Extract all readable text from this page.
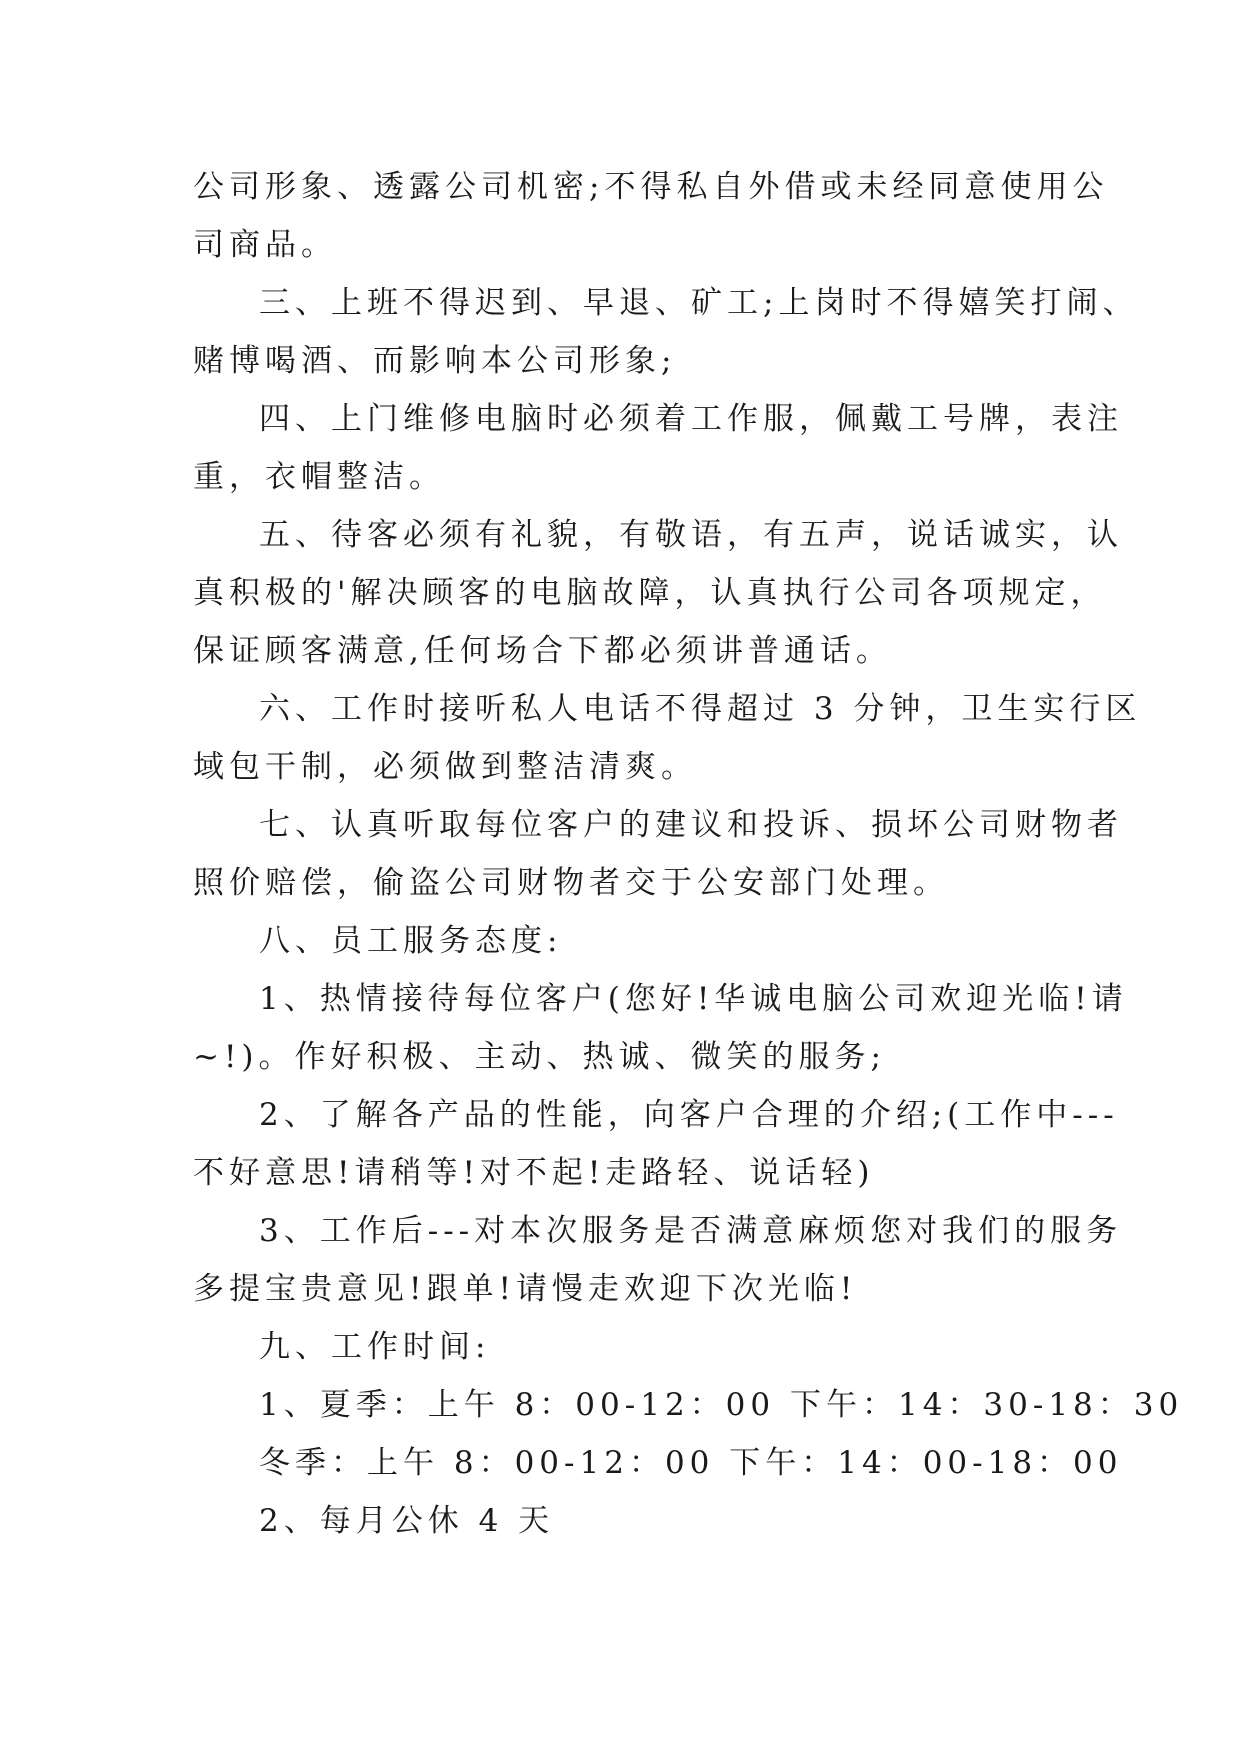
公司形象、透露公司机密;不得私自外借或未经同意使用公
司商品。
三、上班不得迟到、早退、矿工;上岗时不得嬉笑打闹、
赌博喝酒、而影响本公司形象;
四、上门维修电脑时必须着工作服，佩戴工号牌，表注
重，衣帽整洁。
五、待客必须有礼貌，有敬语，有五声，说话诚实，认
真积极的'解决顾客的电脑故障，认真执行公司各项规定，
保证顾客满意,任何场合下都必须讲普通话。
六、工作时接听私人电话不得超过 3 分钟，卫生实行区
域包干制，必须做到整洁清爽。
七、认真听取每位客户的建议和投诉、损坏公司财物者
照价赔偿，偷盗公司财物者交于公安部门处理。
八、员工服务态度:
1、热情接待每位客户(您好!华诚电脑公司欢迎光临!请
~!)。作好积极、主动、热诚、微笑的服务;
2、了解各产品的性能，向客户合理的介绍;(工作中---
不好意思!请稍等!对不起!走路轻、说话轻)
3、工作后---对本次服务是否满意麻烦您对我们的服务
多提宝贵意见!跟单!请慢走欢迎下次光临!
九、工作时间:
1、夏季：上午 8：00-12：00 下午：14：30-18：30
冬季：上午 8：00-12：00 下午：14：00-18：00
2、每月公休 4 天
